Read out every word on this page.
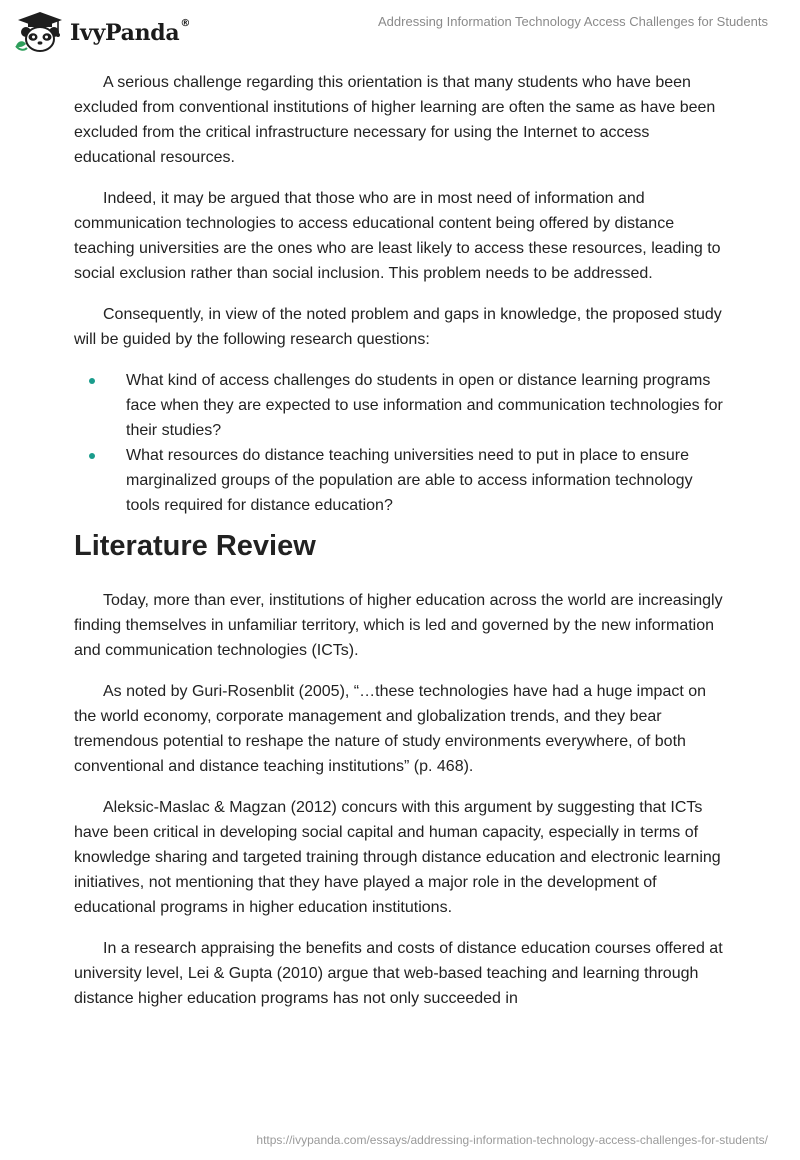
IvyPanda®	Addressing Information Technology Access Challenges for Students

A serious challenge regarding this orientation is that many students who have been excluded from conventional institutions of higher learning are often the same as have been excluded from the critical infrastructure necessary for using the Internet to access educational resources.

Indeed, it may be argued that those who are in most need of information and communication technologies to access educational content being offered by distance teaching universities are the ones who are least likely to access these resources, leading to social exclusion rather than social inclusion. This problem needs to be addressed.

Consequently, in view of the noted problem and gaps in knowledge, the proposed study will be guided by the following research questions:

What kind of access challenges do students in open or distance learning programs face when they are expected to use information and communication technologies for their studies?
What resources do distance teaching universities need to put in place to ensure marginalized groups of the population are able to access information technology tools required for distance education?
Literature Review

Today, more than ever, institutions of higher education across the world are increasingly finding themselves in unfamiliar territory, which is led and governed by the new information and communication technologies (ICTs).

As noted by Guri-Rosenblit (2005), “…these technologies have had a huge impact on the world economy, corporate management and globalization trends, and they bear tremendous potential to reshape the nature of study environments everywhere, of both conventional and distance teaching institutions” (p. 468).

Aleksic-Maslac & Magzan (2012) concurs with this argument by suggesting that ICTs have been critical in developing social capital and human capacity, especially in terms of knowledge sharing and targeted training through distance education and electronic learning initiatives, not mentioning that they have played a major role in the development of educational programs in higher education institutions.

In a research appraising the benefits and costs of distance education courses offered at university level, Lei & Gupta (2010) argue that web-based teaching and learning through distance higher education programs has not only succeeded in

https://ivypanda.com/essays/addressing-information-technology-access-challenges-for-students/
